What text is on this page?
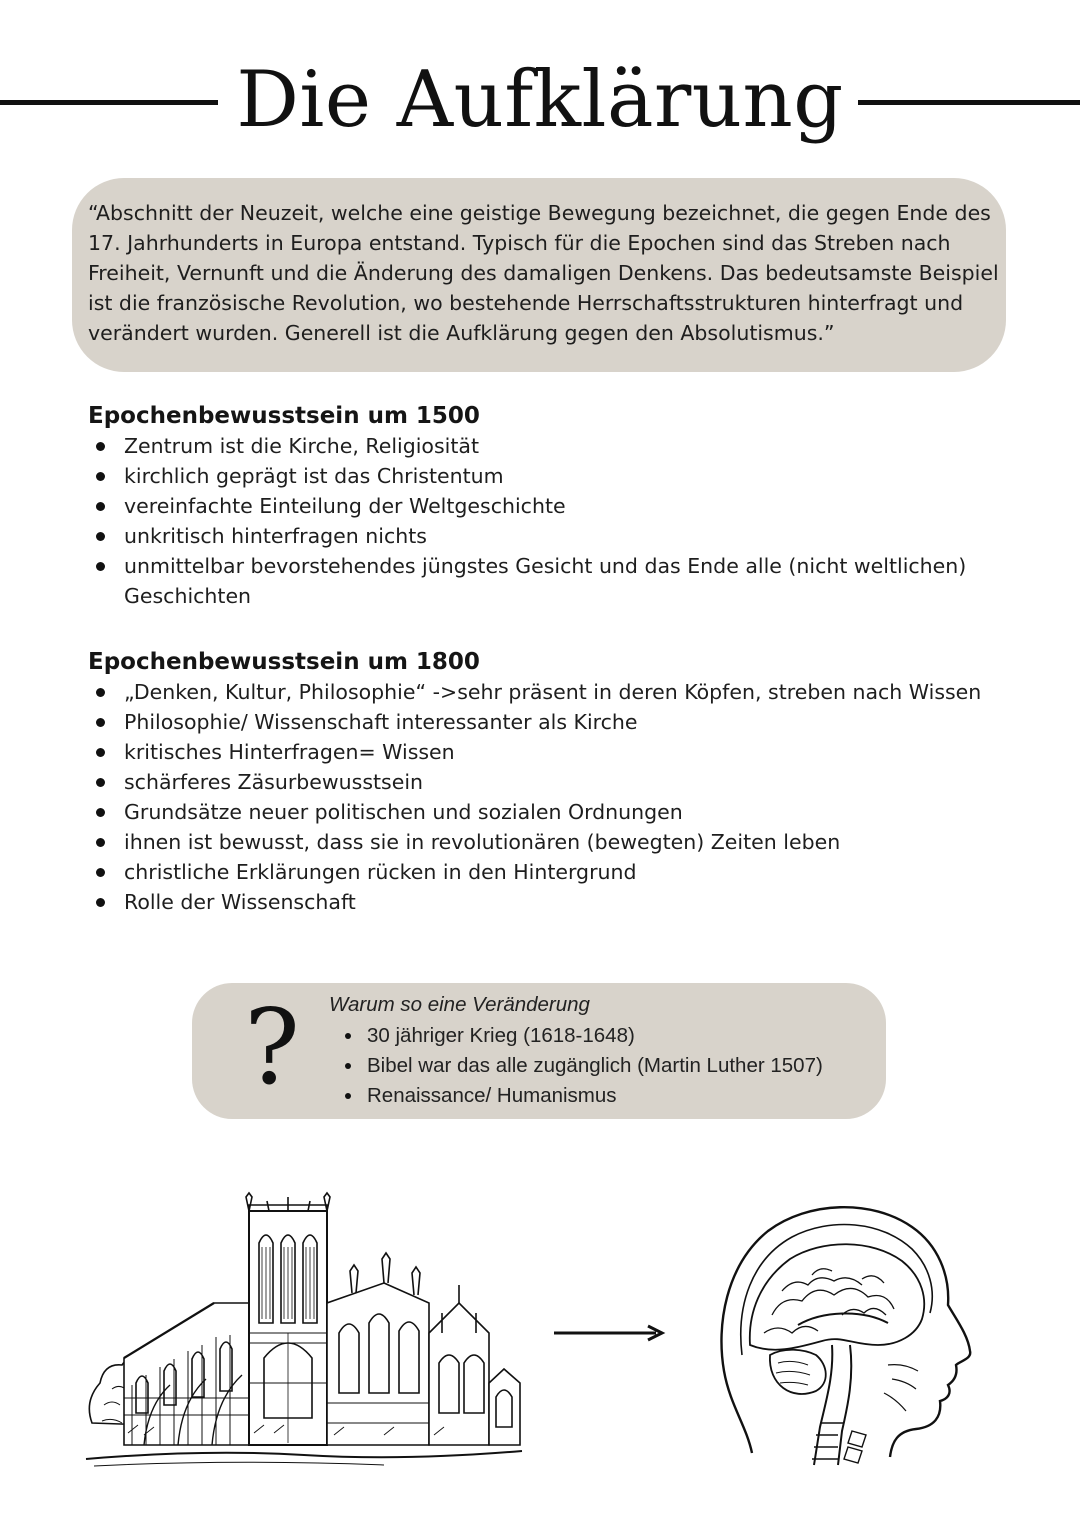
Die Aufklärung

“Abschnitt der Neuzeit, welche eine geistige Bewegung bezeichnet, die gegen Ende des 17. Jahrhunderts in Europa entstand. Typisch für die Epochen sind das Streben nach Freiheit, Vernunft und die Änderung des damaligen Denkens. Das bedeutsamste Beispiel ist die französische Revolution, wo bestehende Herrschaftsstrukturen hinterfragt und verändert wurden. Generell ist die Aufklärung gegen den Absolutismus.”

Epochenbewusstsein um 1500
Zentrum ist die Kirche, Religiosität
kirchlich geprägt ist das Christentum
vereinfachte Einteilung der Weltgeschichte
unkritisch hinterfragen nichts
unmittelbar bevorstehendes jüngstes Gesicht und das Ende alle (nicht weltlichen) Geschichten
Epochenbewusstsein um 1800
„Denken, Kultur, Philosophie“ ->sehr präsent in deren Köpfen, streben nach Wissen
Philosophie/ Wissenschaft interessanter als Kirche
kritisches Hinterfragen= Wissen
schärferes Zäsurbewusstsein
Grundsätze neuer politischen und sozialen Ordnungen
ihnen ist bewusst, dass sie in revolutionären (bewegten) Zeiten leben
christliche Erklärungen rücken in den Hintergrund
Rolle der Wissenschaft
? Warum so eine Veränderung

30 jähriger Krieg (1618-1648)
Bibel war das alle zugänglich (Martin Luther 1507)
Renaissance/ Humanismus
